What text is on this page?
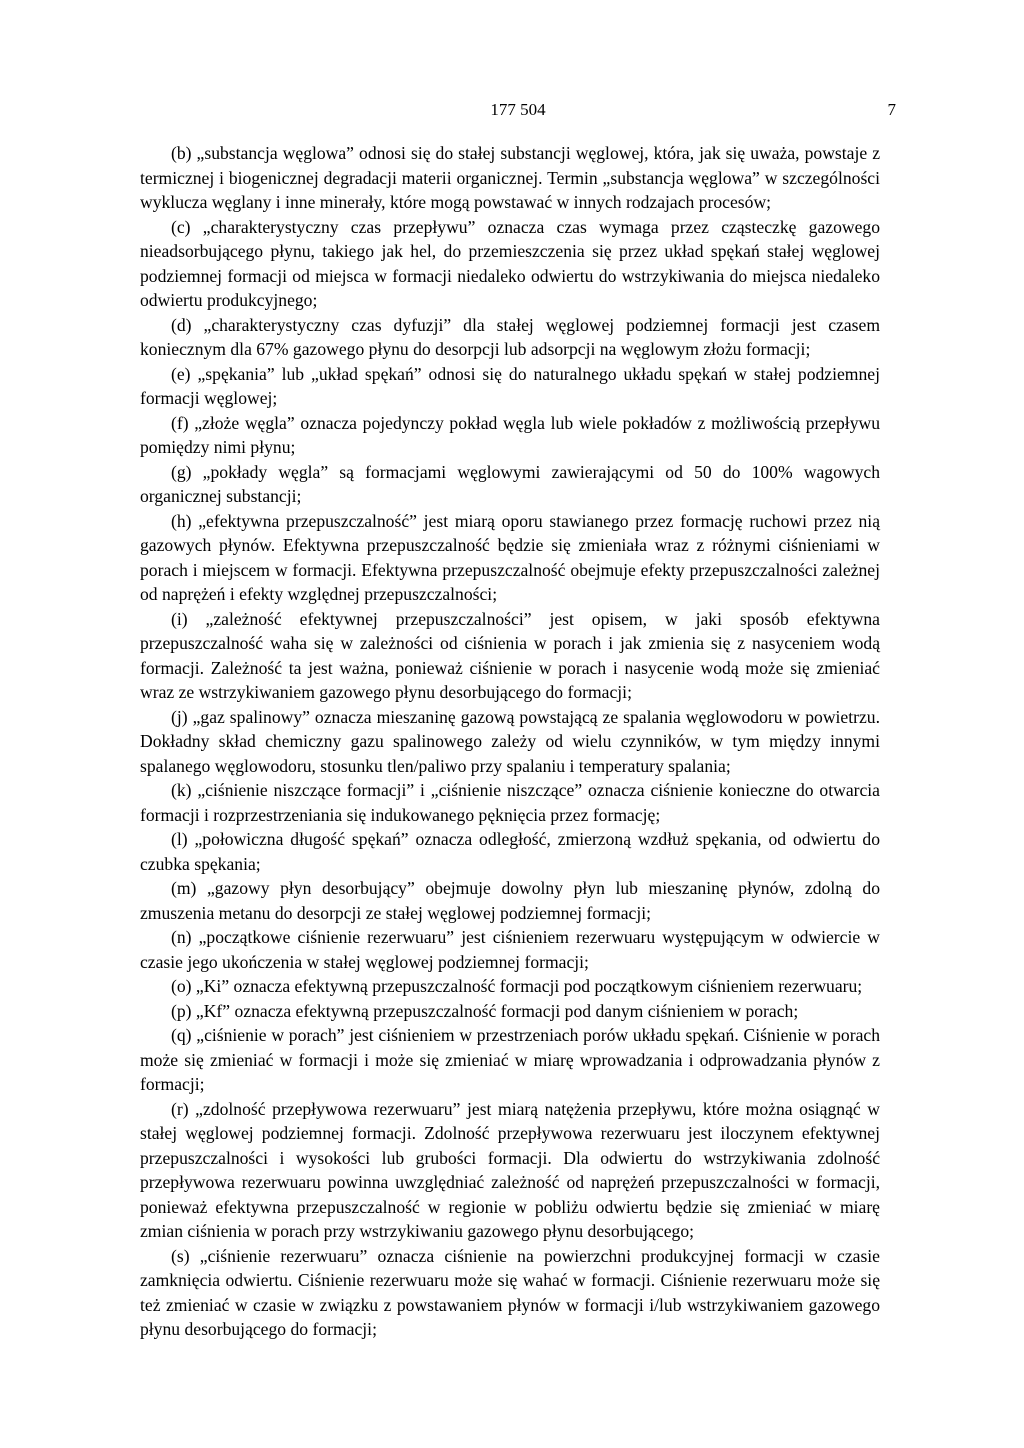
177 504	7

(b) „substancja węglowa” odnosi się do stałej substancji węglowej, która, jak się uważa, powstaje z termicznej i biogenicznej degradacji materii organicznej. Termin „substancja węglowa” w szczególności wyklucza węglany i inne minerały, które mogą powstawać w innych rodzajach procesów;

(c) „charakterystyczny czas przepływu” oznacza czas wymaga przez cząsteczkę gazowego nieadsorbującego płynu, takiego jak hel, do przemieszczenia się przez układ spękań stałej węglowej podziemnej formacji od miejsca w formacji niedaleko odwiertu do wstrzykiwania do miejsca niedaleko odwiertu produkcyjnego;

(d) „charakterystyczny czas dyfuzji” dla stałej węglowej podziemnej formacji jest czasem koniecznym dla 67% gazowego płynu do desorpcji lub adsorpcji na węglowym złożu formacji;

(e) „spękania” lub „układ spękań” odnosi się do naturalnego układu spękań w stałej podziemnej formacji węglowej;

(f) „złoże węgla” oznacza pojedynczy pokład węgla lub wiele pokładów z możliwością przepływu pomiędzy nimi płynu;

(g) „pokłady węgla” są formacjami węglowymi zawierającymi od 50 do 100% wagowych organicznej substancji;

(h) „efektywna przepuszczalność” jest miarą oporu stawianego przez formację ruchowi przez nią gazowych płynów. Efektywna przepuszczalność będzie się zmieniała wraz z różnymi ciśnieniami w porach i miejscem w formacji. Efektywna przepuszczalność obejmuje efekty przepuszczalności zależnej od naprężeń i efekty względnej przepuszczalności;

(i) „zależność efektywnej przepuszczalności” jest opisem, w jaki sposób efektywna przepuszczalność waha się w zależności od ciśnienia w porach i jak zmienia się z nasyceniem wodą formacji. Zależność ta jest ważna, ponieważ ciśnienie w porach i nasycenie wodą może się zmieniać wraz ze wstrzykiwaniem gazowego płynu desorbującego do formacji;

(j) „gaz spalinowy” oznacza mieszaninę gazową powstającą ze spalania węglowodoru w powietrzu. Dokładny skład chemiczny gazu spalinowego zależy od wielu czynników, w tym między innymi spalanego węglowodoru, stosunku tlen/paliwo przy spalaniu i temperatury spalania;

(k) „ciśnienie niszczące formacji” i „ciśnienie niszczące” oznacza ciśnienie konieczne do otwarcia formacji i rozprzestrzeniania się indukowanego pęknięcia przez formację;

(l) „połowiczna długość spękań” oznacza odległość, zmierzoną wzdłuż spękania, od odwiertu do czubka spękania;

(m) „gazowy płyn desorbujący” obejmuje dowolny płyn lub mieszaninę płynów, zdolną do zmuszenia metanu do desorpcji ze stałej węglowej podziemnej formacji;

(n) „początkowe ciśnienie rezerwuaru” jest ciśnieniem rezerwuaru występującym w odwiercie w czasie jego ukończenia w stałej węglowej podziemnej formacji;

(o) „Ki” oznacza efektywną przepuszczalność formacji pod początkowym ciśnieniem rezerwuaru;

(p) „Kf” oznacza efektywną przepuszczalność formacji pod danym ciśnieniem w porach;

(q) „ciśnienie w porach” jest ciśnieniem w przestrzeniach porów układu spękań. Ciśnienie w porach może się zmieniać w formacji i może się zmieniać w miarę wprowadzania i odprowadzania płynów z formacji;

(r) „zdolność przepływowa rezerwuaru” jest miarą natężenia przepływu, które można osiągnąć w stałej węglowej podziemnej formacji. Zdolność przepływowa rezerwuaru jest iloczynem efektywnej przepuszczalności i wysokości lub grubości formacji. Dla odwiertu do wstrzykiwania zdolność przepływowa rezerwuaru powinna uwzględniać zależność od naprężeń przepuszczalności w formacji, ponieważ efektywna przepuszczalność w regionie w pobliżu odwiertu będzie się zmieniać w miarę zmian ciśnienia w porach przy wstrzykiwaniu gazowego płynu desorbującego;

(s) „ciśnienie rezerwuaru” oznacza ciśnienie na powierzchni produkcyjnej formacji w czasie zamknięcia odwiertu. Ciśnienie rezerwuaru może się wahać w formacji. Ciśnienie rezerwuaru może się też zmieniać w czasie w związku z powstawaniem płynów w formacji i/lub wstrzykiwaniem gazowego płynu desorbującego do formacji;
